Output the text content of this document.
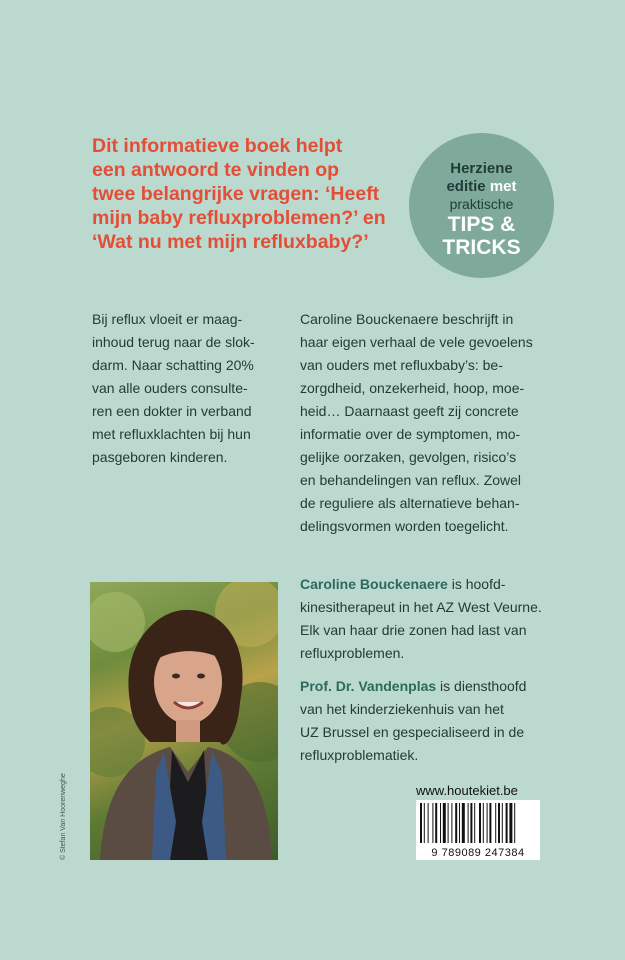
Dit informatieve boek helpt
een antwoord te vinden op
twee belangrijke vragen: ‘Heeft
mijn baby refluxproblemen?’ en
‘Wat nu met mijn refluxbaby?’
Herziene
editie met
praktische
TIPS &
TRICKS
Bij reflux vloeit er maag-
inhoud terug naar de slok-
darm. Naar schatting 20%
van alle ouders consulte-
ren een dokter in verband
met refluxklachten bij hun
pasgeboren kinderen.
Caroline Bouckenaere beschrijft in
haar eigen verhaal de vele gevoelens
van ouders met refluxbaby’s: be-
zorgdheid, onzekerheid, hoop, moe-
heid… Daarnaast geeft zij concrete
informatie over de symptomen, mo-
gelijke oorzaken, gevolgen, risico’s
en behandelingen van reflux. Zowel
de reguliere als alternatieve behan-
delingsvormen worden toegelicht.
© Stefan Van Hoorenweghe
Caroline Bouckenaere is hoofd-
kinesitherapeut in het AZ West Veurne.
Elk van haar drie zonen had last van
refluxproblemen.
Prof. Dr. Vandenplas is diensthoofd
van het kinderziekenhuis van het
UZ Brussel en gespecialiseerd in de
refluxproblematiek.
www.houtekiet.be
9 789089 247384
